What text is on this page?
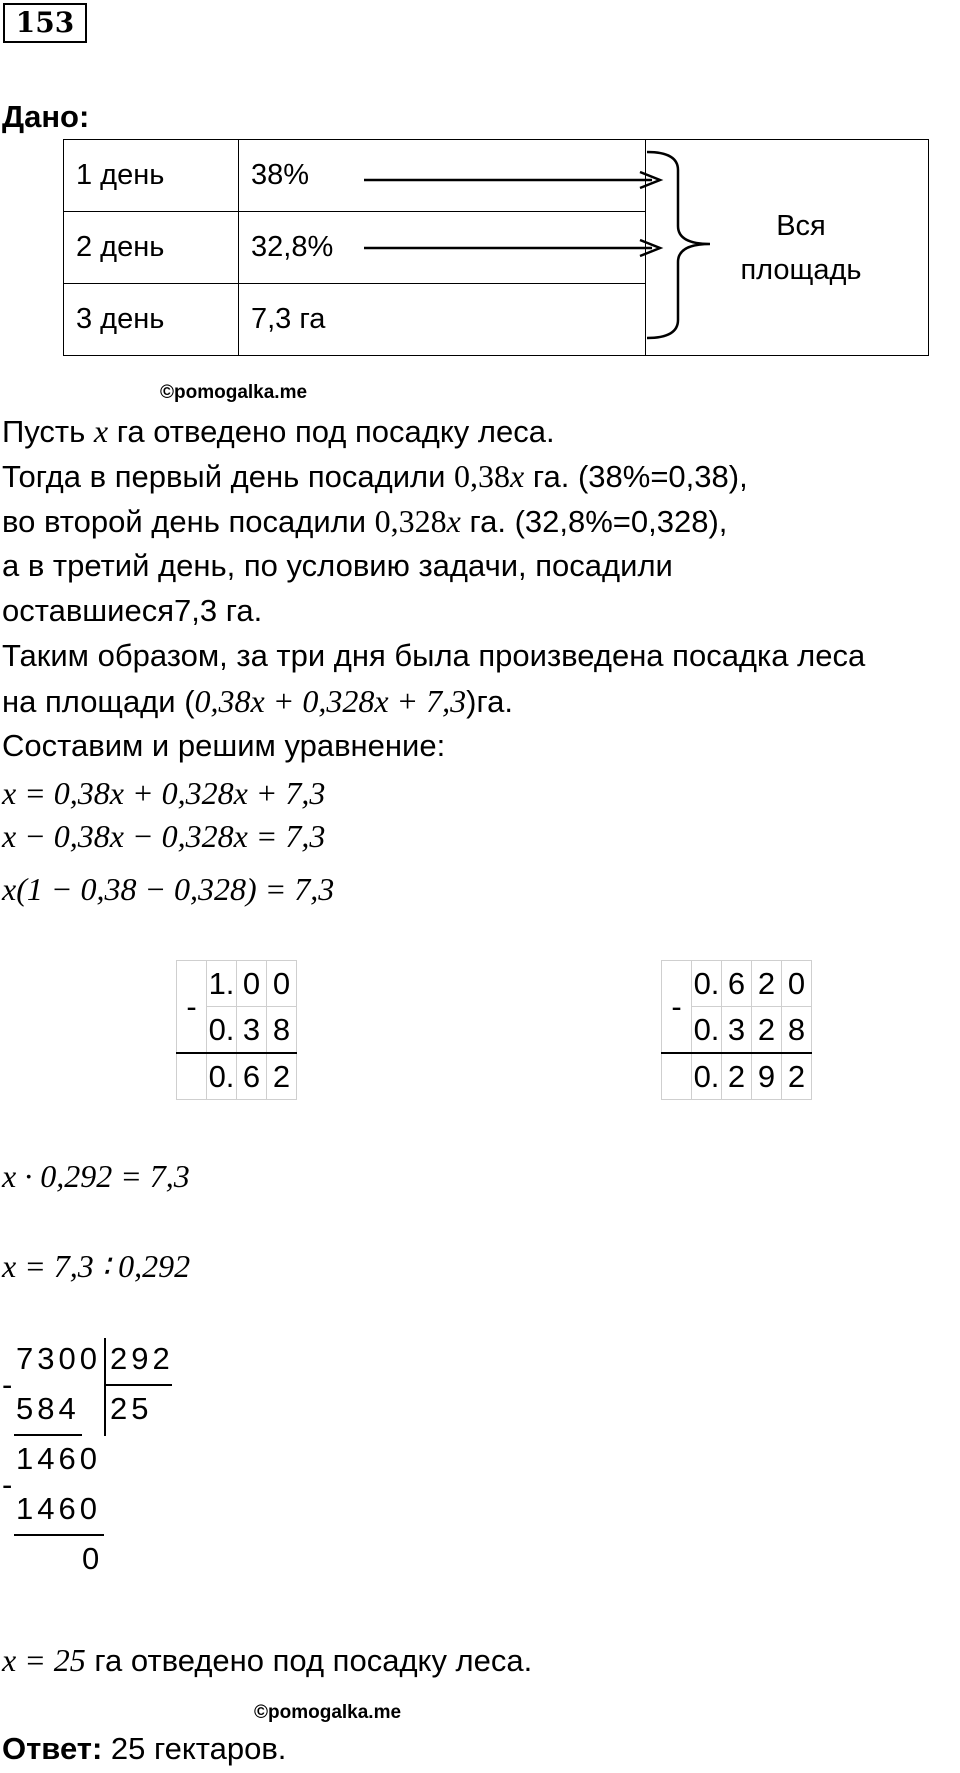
153
Дано:
1 день	38%	Вся
площадь

2 день	32,8%	
3 день	7,3 га	
©pomogalka.me
Пусть x га отведено под посадку леса.
Тогда в первый день посадили 0,38x га. (38%=0,38),
во второй день посадили 0,328x га. (32,8%=0,328),
а в третий день, по условию задачи, посадили
оставшиеся7,3 га.
Таким образом, за три дня была произведена посадка леса
на площади (0,38x + 0,328x + 7,3)га.
Составим и решим уравнение:
x = 0,38x + 0,328x + 7,3
x − 0,38x − 0,328x = 7,3
x(1 − 0,38 − 0,328) = 7,3
-	1.	0	0
	0.	3	8
	0.	6	2
-	0.	6	2	0
	0.	3	2	8
	0.	2	9	2
x · 0,292 = 7,3
x = 7,3 ∶ 0,292
7300 292
-
584 25
1460
-
1460
0
x = 25 га отведено под посадку леса.
©pomogalka.me
Ответ: 25 гектаров.
